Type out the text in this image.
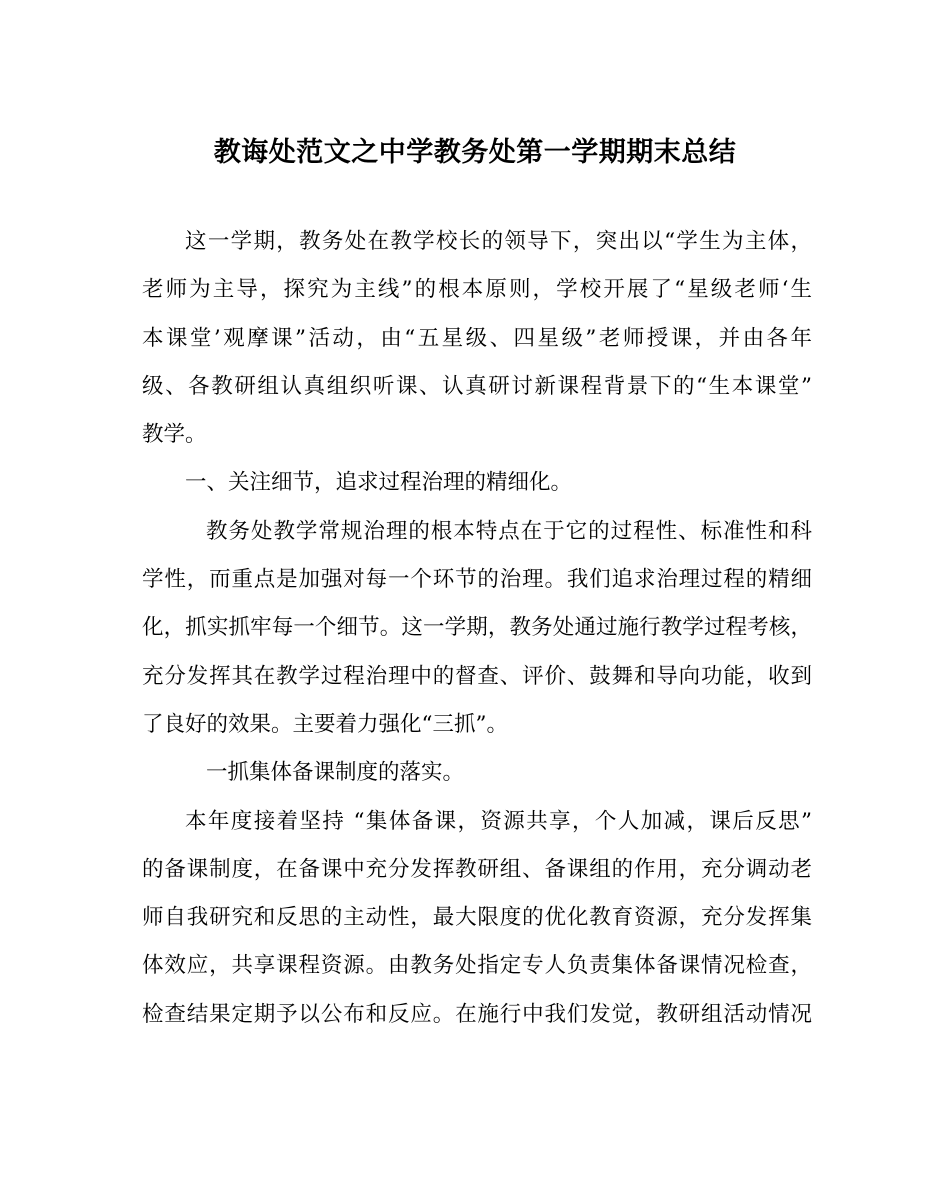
教诲处范文之中学教务处第一学期期末总结
这一学期，教务处在教学校长的领导下，突出以“学生为主体，
老师为主导，探究为主线”的根本原则，学校开展了“星级老师‘生
本课堂’观摩课”活动，由“五星级、四星级”老师授课，并由各年
级、各教研组认真组织听课、认真研讨新课程背景下的“生本课堂”
教学。
一、关注细节，追求过程治理的精细化。
教务处教学常规治理的根本特点在于它的过程性、标准性和科
学性，而重点是加强对每一个环节的治理。我们追求治理过程的精细
化，抓实抓牢每一个细节。这一学期，教务处通过施行教学过程考核，
充分发挥其在教学过程治理中的督查、评价、鼓舞和导向功能，收到
了良好的效果。主要着力强化“三抓”。
一抓集体备课制度的落实。
本年度接着坚持 “集体备课，资源共享，个人加减，课后反思”
的备课制度，在备课中充分发挥教研组、备课组的作用，充分调动老
师自我研究和反思的主动性，最大限度的优化教育资源，充分发挥集
体效应，共享课程资源。由教务处指定专人负责集体备课情况检查，
检查结果定期予以公布和反应。在施行中我们发觉，教研组活动情况
